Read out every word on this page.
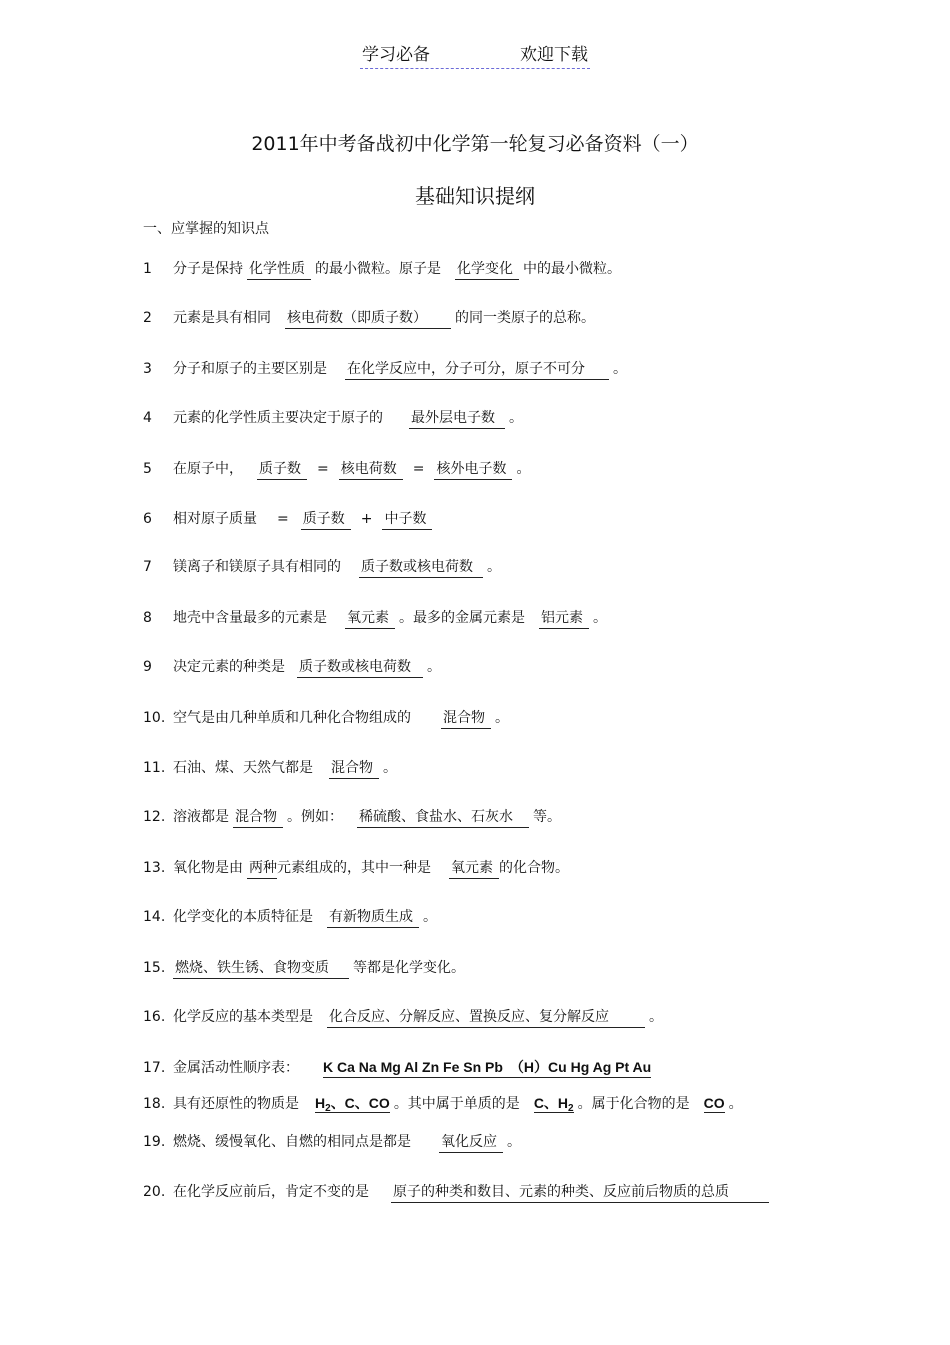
学习必备	欢迎下载
2011年中考备战初中化学第一轮复习必备资料（一）
基础知识提纲
一、应掌握的知识点
1 分子是保持 化学性质 的最小微粒。原子是 化学变化 中的最小微粒。
2 元素是具有相同 核电荷数（即质子数） 的同一类原子的总称。
3 分子和原子的主要区别是 在化学反应中，分子可分，原子不可分 。
4 元素的化学性质主要决定于原子的 最外层电子数 。
5 在原子中， 质子数 = 核电荷数 = 核外电子数 。
6 相对原子质量 = 质子数 + 中子数
7 镁离子和镁原子具有相同的 质子数或核电荷数 。
8 地壳中含量最多的元素是 氧元素 。最多的金属元素是 铝元素 。
9 决定元素的种类是 质子数或核电荷数 。
10. 空气是由几种单质和几种化合物组成的 混合物 。
11. 石油、煤、天然气都是 混合物 。
12. 溶液都是 混合物 。例如： 稀硫酸、食盐水、石灰水 等。
13. 氧化物是由 两种元素组成的，其中一种是 氧元素 的化合物。
14. 化学变化的本质特征是 有新物质生成 。
15. 燃烧、铁生锈、食物变质 等都是化学变化。
16. 化学反应的基本类型是 化合反应、分解反应、置换反应、复分解反应	。
17. 金属活动性顺序表： K Ca Na Mg Al Zn Fe Sn Pb　（H）Cu Hg Ag Pt Au
18. 具有还原性的物质是 $H_2$、C、CO 。其中属于单质的是 C、$H_2$ 。属于化合物的是 CO 。
19. 燃烧、缓慢氧化、自燃的相同点是都是 氧化反应 。
20. 在化学反应前后，肯定不变的是 原子的种类和数目、元素的种类、反应前后物质的总质
